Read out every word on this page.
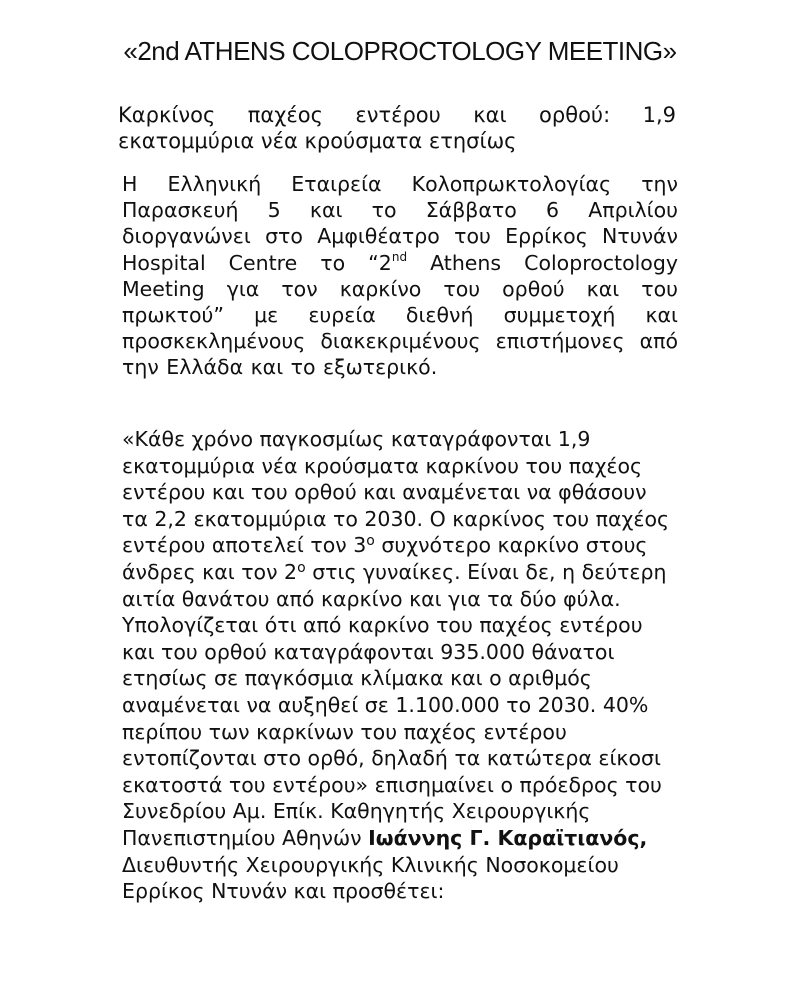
«2nd ATHENS COLOPROCTOLOGY MEETING»
Καρκίνος παχέος εντέρου και ορθού: 1,9 εκατομμύρια νέα κρούσματα ετησίως
Η Ελληνική Εταιρεία Κολοπρωκτολογίας την Παρασκευή 5 και το Σάββατο 6 Απριλίου διοργανώνει στο Αμφιθέατρο του Ερρίκος Ντυνάν Hospital Centre το “2nd Athens Coloproctology Meeting για τον καρκίνο του ορθού και του πρωκτού” με ευρεία διεθνή συμμετοχή και προσκεκλημένους διακεκριμένους επιστήμονες από την Ελλάδα και το εξωτερικό.
«Κάθε χρόνο παγκοσμίως καταγράφονται 1,9 εκατομμύρια νέα κρούσματα καρκίνου του παχέος εντέρου και του ορθού και αναμένεται να φθάσουν τα 2,2 εκατομμύρια το 2030. Ο καρκίνος του παχέος εντέρου αποτελεί τον $3^o$ συχνότερο καρκίνο στους άνδρες και τον $2^o$ στις γυναίκες. Είναι δε, η δεύτερη αιτία θανάτου από καρκίνο και για τα δύο φύλα. Υπολογίζεται ότι από καρκίνο του παχέος εντέρου και του ορθού καταγράφονται 935.000 θάνατοι ετησίως σε παγκόσμια κλίμακα και ο αριθμός αναμένεται να αυξηθεί σε 1.100.000 το 2030. 40% περίπου των καρκίνων του παχέος εντέρου εντοπίζονται στο ορθό, δηλαδή τα κατώτερα είκοσι εκατοστά του εντέρου» επισημαίνει ο πρόεδρος του Συνεδρίου Αμ. Επίκ. Καθηγητής Χειρουργικής Πανεπιστημίου Αθηνών Ιωάννης Γ. Καραϊτιανός, Διευθυντής Χειρουργικής Κλινικής Νοσοκομείου Ερρίκος Ντυνάν και προσθέτει:
